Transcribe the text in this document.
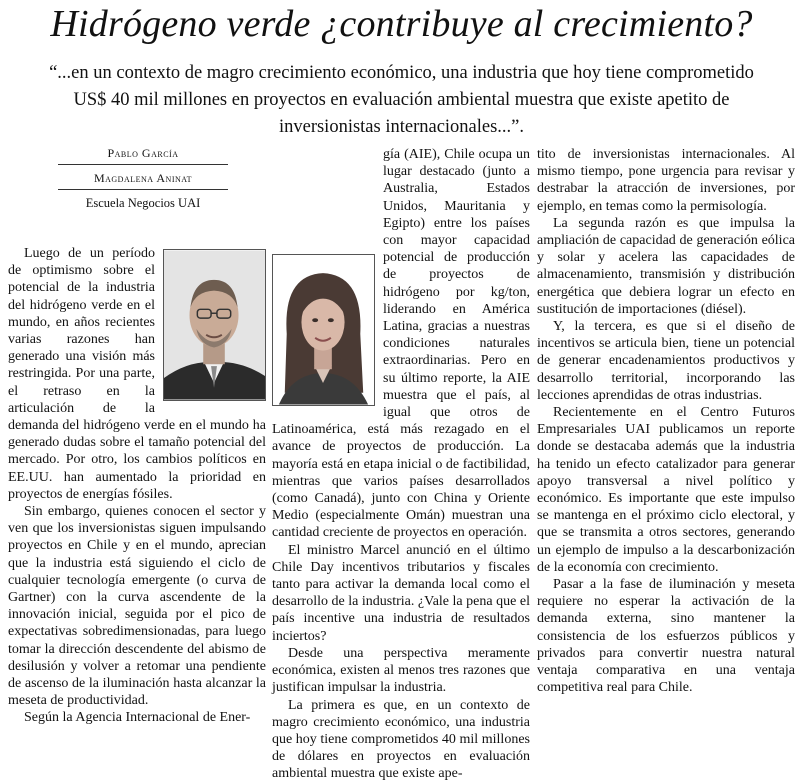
Hidrógeno verde ¿contribuye al crecimiento?
“...en un contexto de magro crecimiento económico, una industria que hoy tiene comprometido US$ 40 mil millones en proyectos en evaluación ambiental muestra que existe apetito de inversionistas internacionales...”.
Pablo García
Magdalena Aninat
Escuela Negocios UAI

Luego de un período de optimismo sobre el potencial de la industria del hidrógeno verde en el mundo, en años recientes varias razones han generado una visión más restringida. Por una parte, el retraso en la articulación de la demanda del hidrógeno verde en el mundo ha generado dudas sobre el tamaño potencial del mercado. Por otro, los cambios políticos en EE.UU. han aumentado la prioridad en proyectos de energías fósiles.

Sin embargo, quienes conocen el sector y ven que los inversionistas siguen impulsando proyectos en Chile y en el mundo, aprecian que la industria está siguiendo el ciclo de cualquier tecnología emergente (o curva de Gartner) con la curva ascendente de la innovación inicial, seguida por el pico de expectativas sobredimensionadas, para luego tomar la dirección descendente del abismo de desilusión y volver a retomar una pendiente de ascenso de la iluminación hasta alcanzar la meseta de productividad.

Según la Agencia Internacional de Ener-

gía (AIE), Chile ocupa un lugar destacado (junto a Australia, Estados Unidos, Mauritania y Egipto) entre los países con mayor capacidad potencial de producción de proyectos de hidrógeno por kg/ton, liderando en América Latina, gracias a nuestras condiciones naturales extraordinarias. Pero en su último reporte, la AIE muestra que el país, al igual que otros de Latinoamérica, está más rezagado en el avance de proyectos de producción. La mayoría está en etapa inicial o de factibilidad, mientras que varios países desarrollados (como Canadá), junto con China y Oriente Medio (especialmente Omán) muestran una cantidad creciente de proyectos en operación.

El ministro Marcel anunció en el último Chile Day incentivos tributarios y fiscales tanto para activar la demanda local como el desarrollo de la industria. ¿Vale la pena que el país incentive una industria de resultados inciertos?

Desde una perspectiva meramente económica, existen al menos tres razones que justifican impulsar la industria.

La primera es que, en un contexto de magro crecimiento económico, una industria que hoy tiene comprometidos 40 mil millones de dólares en proyectos en evaluación ambiental muestra que existe ape-

tito de inversionistas internacionales. Al mismo tiempo, pone urgencia para revisar y destrabar la atracción de inversiones, por ejemplo, en temas como la permisología.

La segunda razón es que impulsa la ampliación de capacidad de generación eólica y solar y acelera las capacidades de almacenamiento, transmisión y distribución energética que debiera lograr un efecto en sustitución de importaciones (diésel).

Y, la tercera, es que si el diseño de incentivos se articula bien, tiene un potencial de generar encadenamientos productivos y desarrollo territorial, incorporando las lecciones aprendidas de otras industrias.

Recientemente en el Centro Futuros Empresariales UAI publicamos un reporte donde se destacaba además que la industria ha tenido un efecto catalizador para generar apoyo transversal a nivel político y económico. Es importante que este impulso se mantenga en el próximo ciclo electoral, y que se transmita a otros sectores, generando un ejemplo de impulso a la descarbonización de la economía con crecimiento.

Pasar a la fase de iluminación y meseta requiere no esperar la activación de la demanda externa, sino mantener la consistencia de los esfuerzos públicos y privados para convertir nuestra natural ventaja comparativa en una ventaja competitiva real para Chile.
